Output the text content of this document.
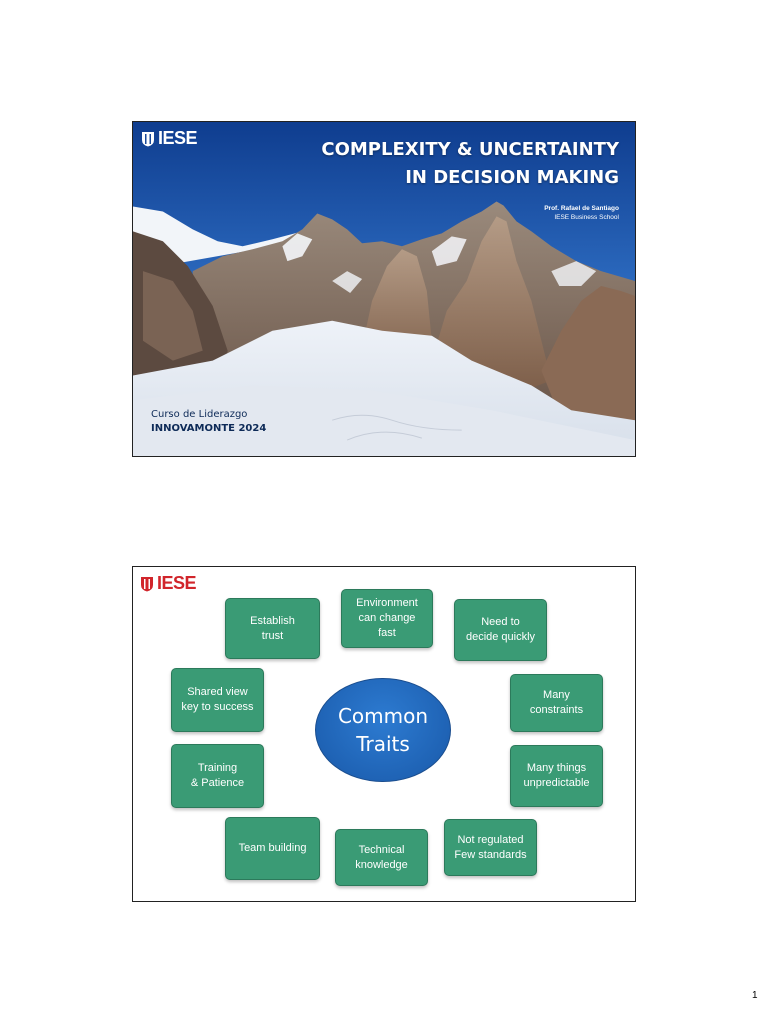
IESE
COMPLEXITY & UNCERTAINTY
IN DECISION MAKING
Prof. Rafael de Santiago
IESE Business School
Curso de Liderazgo
INNOVAMONTE 2024
IESE
Establish
trust
Environment
can change
fast
Need to
decide quickly
Many
constraints
Many things
unpredictable
Not regulated
Few standards
Technical
knowledge
Team building
Training
& Patience
Shared view
key to success	Common
Traits
1
